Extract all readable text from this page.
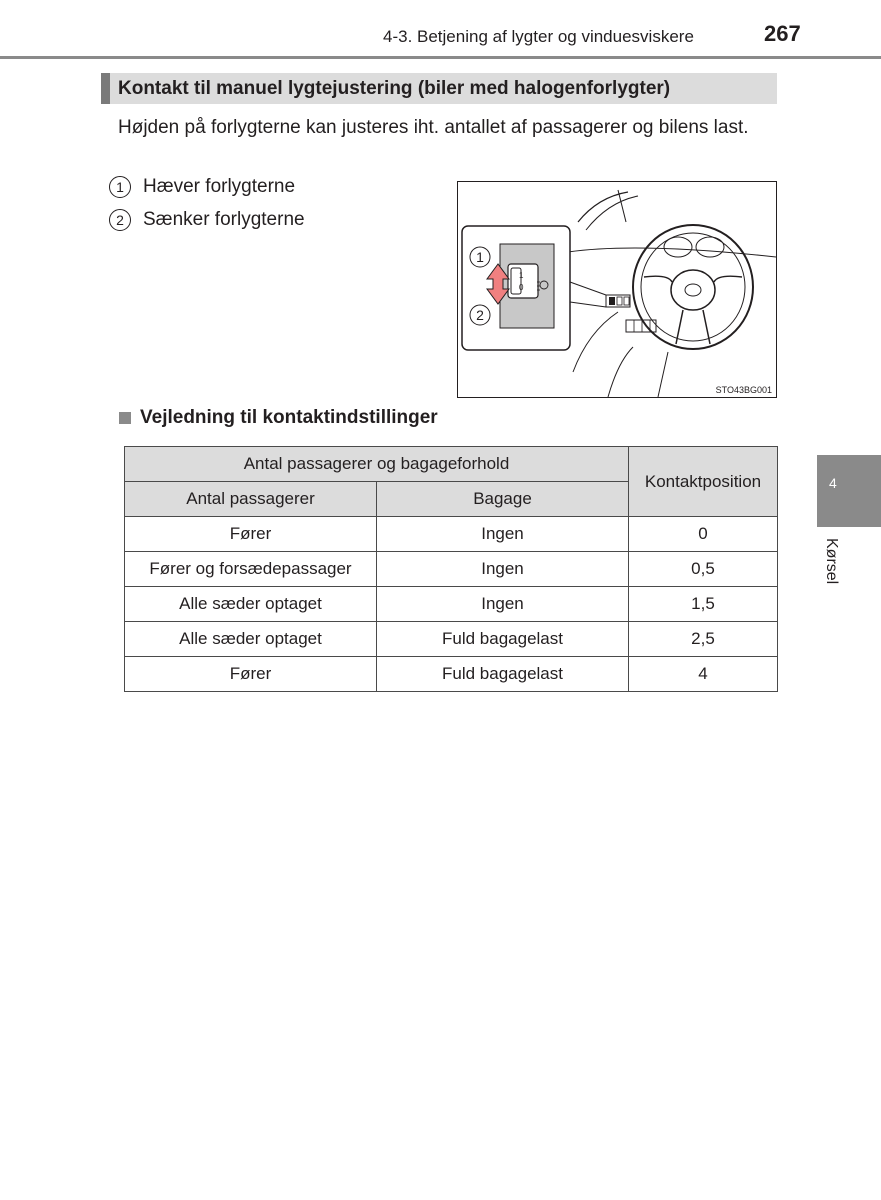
4-3. Betjening af lygter og vinduesviskere	267
Kontakt til manuel lygtejustering (biler med halogenforlygter)
Højden på forlygterne kan justeres iht. antallet af passagerer og bilens last.
1	Hæver forlygterne
2	Sænker forlygterne
1
0
1
2
STO43BG001
Vejledning til kontaktindstillinger
Antal passagerer og bagageforhold		Kontaktposition
Antal passagerer	Bagage	
Fører	Ingen	0
Fører og forsædepassager	Ingen	0,5
Alle sæder optaget	Ingen	1,5
Alle sæder optaget	Fuld bagagelast	2,5
Fører	Fuld bagagelast	4
4
Kørsel
